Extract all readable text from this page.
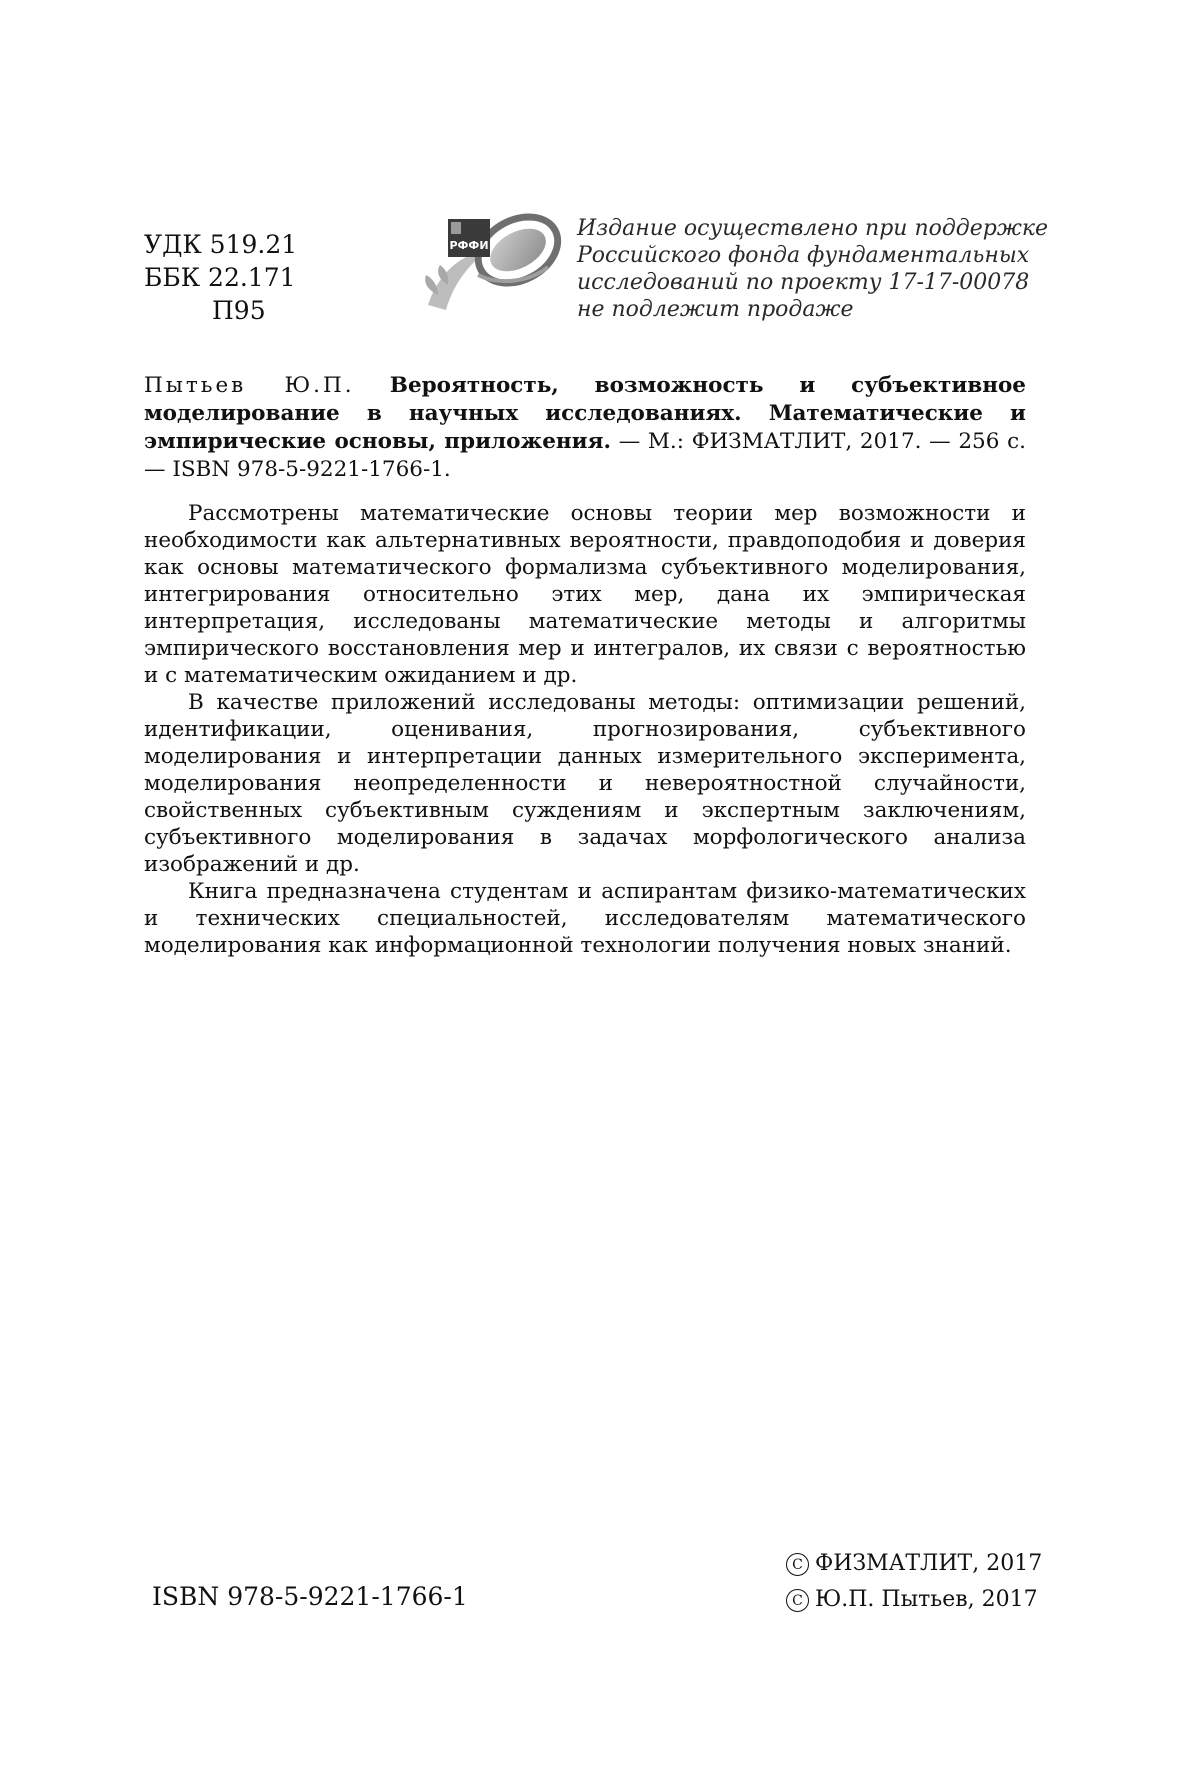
УДК 519.21
ББК 22.171
П95
РФФИ
Издание осуществлено при поддержке
Российского фонда фундаментальных
исследований по проекту 17-17-00078
не подлежит продаже
Пытьев Ю.П. Вероятность, возможность и субъективное моделирование в научных исследованиях. Математические и эмпирические основы, приложения. — М.: ФИЗМАТЛИТ, 2017. — 256 с. — ISBN 978-5-9221-1766-1.

Рассмотрены математические основы теории мер возможности и необходимости как альтернативных вероятности, правдоподобия и доверия как основы математического формализма субъективного моделирования, интегрирования относительно этих мер, дана их эмпирическая интерпретация, исследованы математические методы и алгоритмы эмпирического восстановления мер и интегралов, их связи с вероятностью и с математическим ожиданием и др.

В качестве приложений исследованы методы: оптимизации решений, идентификации, оценивания, прогнозирования, субъективного моделирования и интерпретации данных измерительного эксперимента, моделирования неопределенности и невероятностной случайности, свойственных субъективным суждениям и экспертным заключениям, субъективного моделирования в задачах морфологического анализа изображений и др.

Книга предназначена студентам и аспирантам физико-математических и технических специальностей, исследователям математического моделирования как информационной технологии получения новых знаний.

ISBN 978-5-9221-1766-1
C ФИЗМАТЛИТ, 2017
C Ю.П. Пытьев, 2017
